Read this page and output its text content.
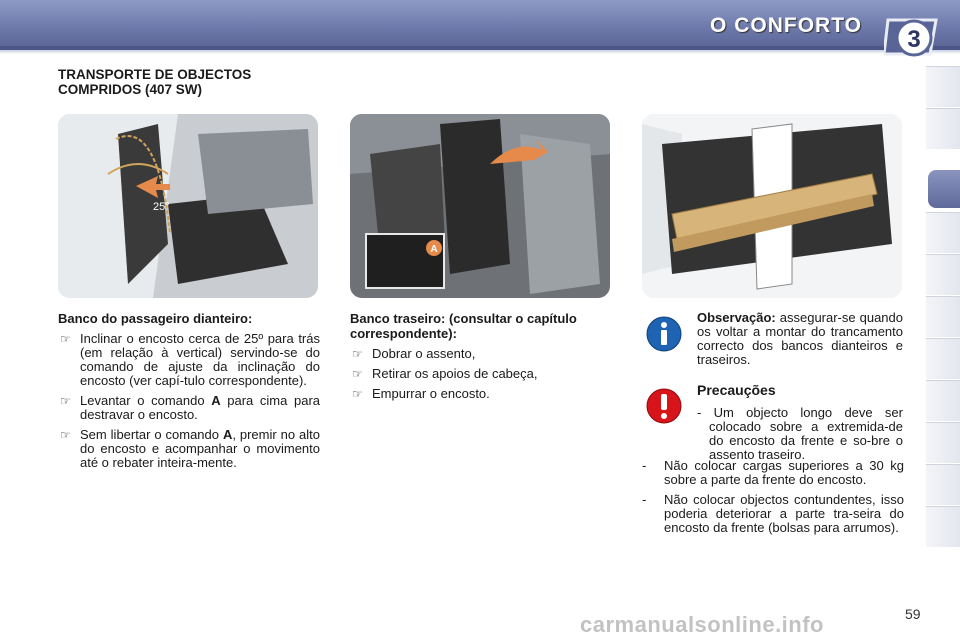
O CONFORTO
3
TRANSPORTE DE OBJECTOS COMPRIDOS (407 SW)
25°
A
Banco do passageiro dianteiro:
☞ Inclinar o encosto cerca de 25º para trás (em relação à vertical) servindo-se do comando de ajuste da inclinação do encosto (ver capí-tulo correspondente).
☞ Levantar o comando A para cima para destravar o encosto.
☞ Sem libertar o comando A, premir no alto do encosto e acompanhar o movimento até o rebater inteira-mente.
Banco traseiro: (consultar o capítulo correspondente):
☞ Dobrar o assento,
☞ Retirar os apoios de cabeça,
☞ Empurrar o encosto.
Observação: assegurar-se quando os voltar a montar do trancamento correcto dos bancos dianteiros e traseiros.
Precauções
- Um objecto longo deve ser colocado sobre a extremida-de do encosto da frente e so-bre o assento traseiro.
- Não colocar cargas superiores a 30 kg sobre a parte da frente do encosto.
- Não colocar objectos contundentes, isso poderia deteriorar a parte tra-seira do encosto da frente (bolsas para arrumos).
carmanualsonline.info	59
